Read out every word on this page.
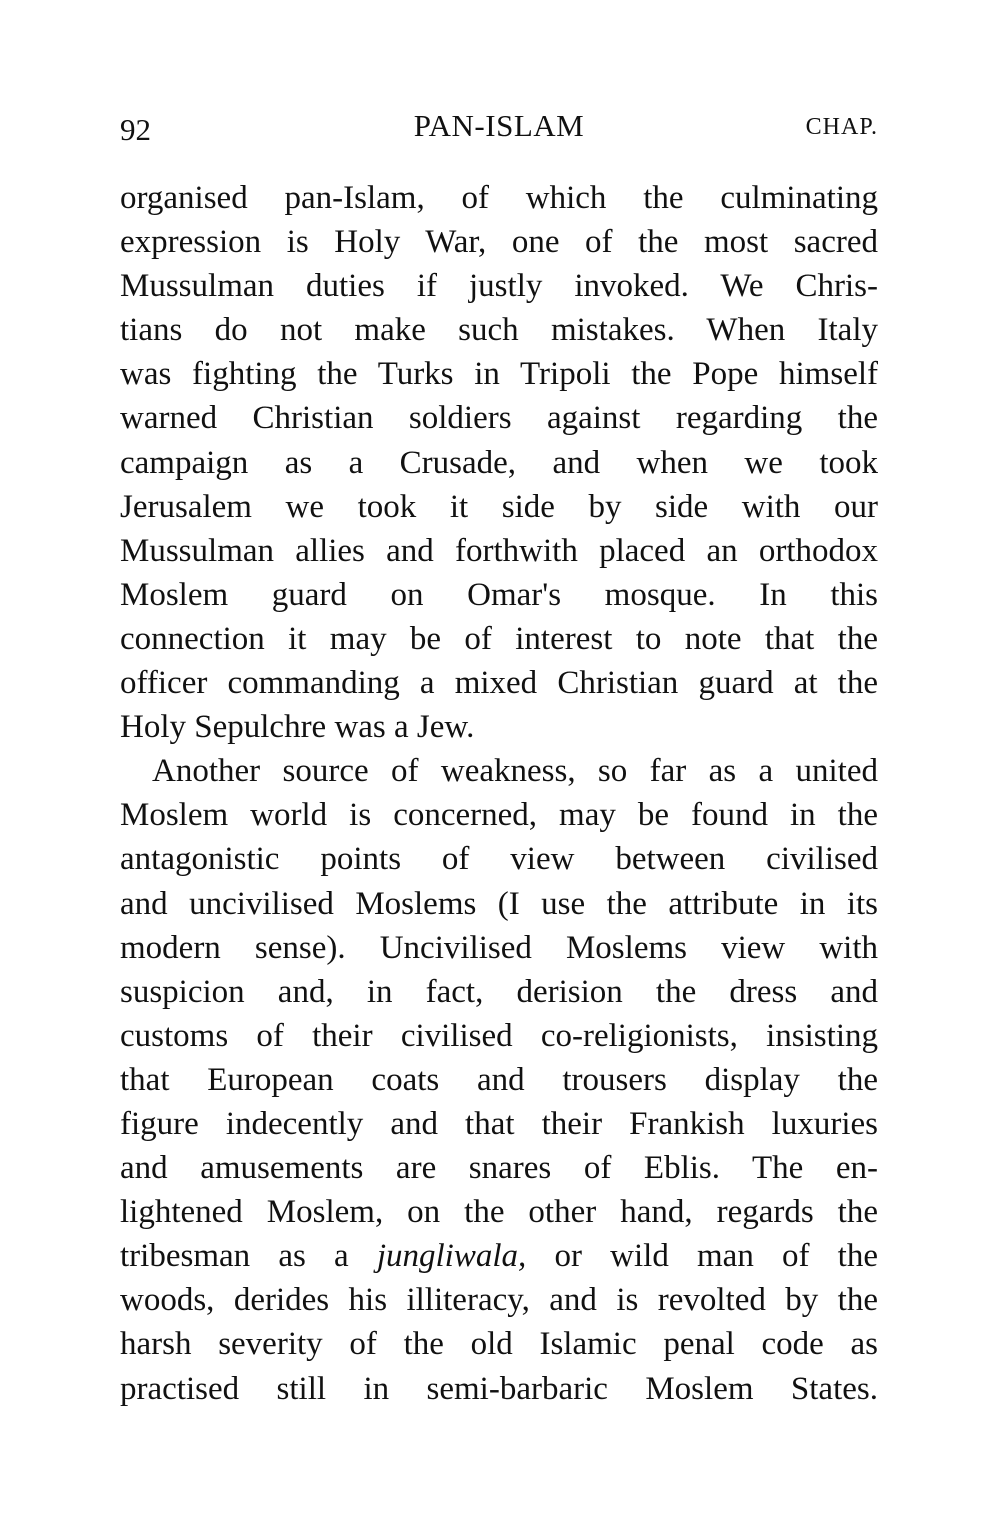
92	PAN-ISLAM	CHAP.
organised pan-Islam, of which the culminating
expression is Holy War, one of the most sacred
Mussulman duties if justly invoked. We Chris-
tians do not make such mistakes. When Italy
was fighting the Turks in Tripoli the Pope himself
warned Christian soldiers against regarding the
campaign as a Crusade, and when we took
Jerusalem we took it side by side with our
Mussulman allies and forthwith placed an orthodox
Moslem guard on Omar's mosque. In this
connection it may be of interest to note that the
officer commanding a mixed Christian guard at the
Holy Sepulchre was a Jew.
Another source of weakness, so far as a united
Moslem world is concerned, may be found in the
antagonistic points of view between civilised
and uncivilised Moslems (I use the attribute in its
modern sense). Uncivilised Moslems view with
suspicion and, in fact, derision the dress and
customs of their civilised co-religionists, insisting
that European coats and trousers display the
figure indecently and that their Frankish luxuries
and amusements are snares of Eblis. The en-
lightened Moslem, on the other hand, regards the
tribesman as a jungliwala, or wild man of the
woods, derides his illiteracy, and is revolted by the
harsh severity of the old Islamic penal code as
practised still in semi-barbaric Moslem States.
